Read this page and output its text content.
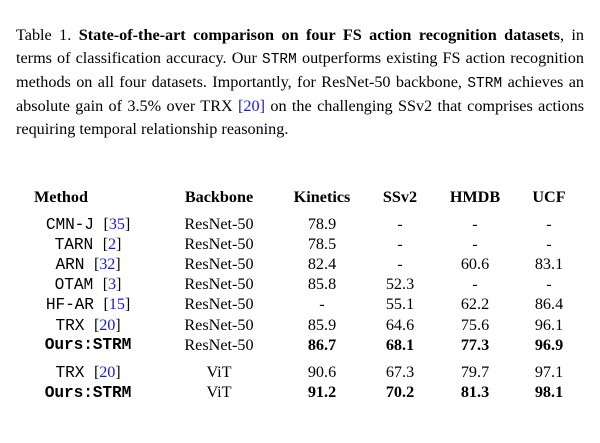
Table 1. State-of-the-art comparison on four FS action recognition datasets, in terms of classification accuracy. Our STRM outperforms existing FS action recognition methods on all four datasets. Importantly, for ResNet-50 backbone, STRM achieves an absolute gain of 3.5% over TRX [20] on the challenging SSv2 that comprises actions requiring temporal relationship reasoning.

Method	Backbone	Kinetics	SSv2	HMDB	UCF

CMN-J [35]	ResNet-50	78.9	-	-	-
TARN [2]	ResNet-50	78.5	-	-	-
ARN [32]	ResNet-50	82.4	-	60.6	83.1
OTAM [3]	ResNet-50	85.8	52.3	-	-
HF-AR [15]	ResNet-50	-	55.1	62.2	86.4
TRX [20]	ResNet-50	85.9	64.6	75.6	96.1
Ours:STRM	ResNet-50	86.7	68.1	77.3	96.9

TRX [20]	ViT	90.6	67.3	79.7	97.1
Ours:STRM	ViT	91.2	70.2	81.3	98.1
